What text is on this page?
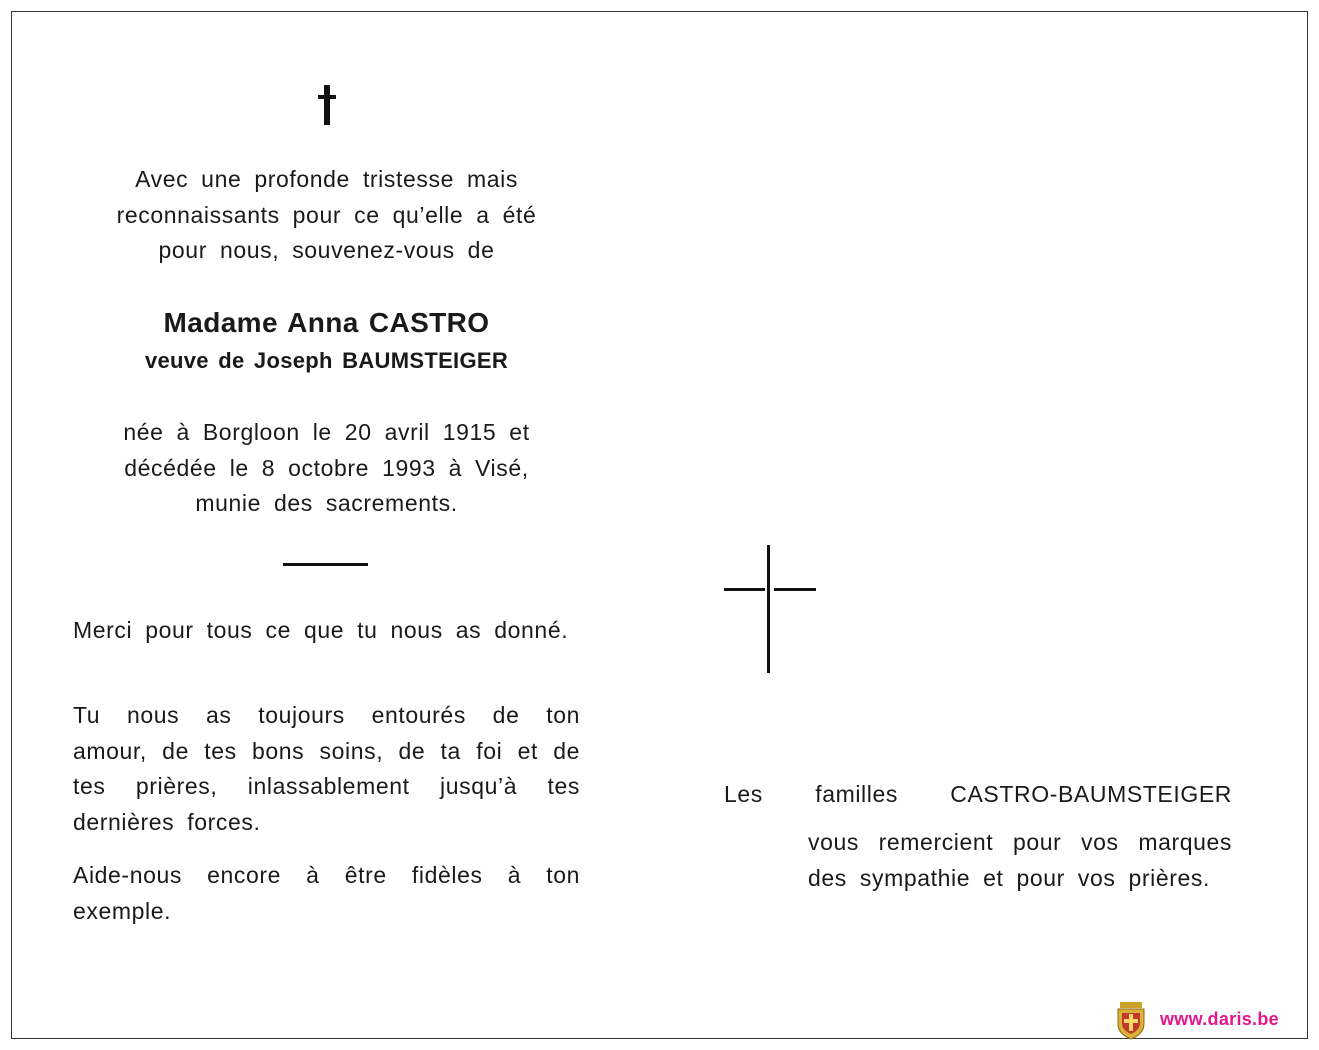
Avec une profonde tristesse mais
reconnaissants pour ce qu’elle a été
pour nous, souvenez-vous de

Madame Anna CASTRO

veuve de Joseph BAUMSTEIGER

née à Borgloon le 20 avril 1915 et
décédée le 8 octobre 1993 à Visé,
munie des sacrements.

Merci pour tous ce que tu nous as donné.

Tu nous as toujours entourés de ton amour, de tes bons soins, de ta foi et de tes prières, inlassablement jusqu’à tes dernières forces.

Aide-nous encore à être fidèles à ton exemple.

Les familles CASTRO-BAUMSTEIGER

vous remercient pour vos marques des sympathie et pour vos prières.

www.daris.be
